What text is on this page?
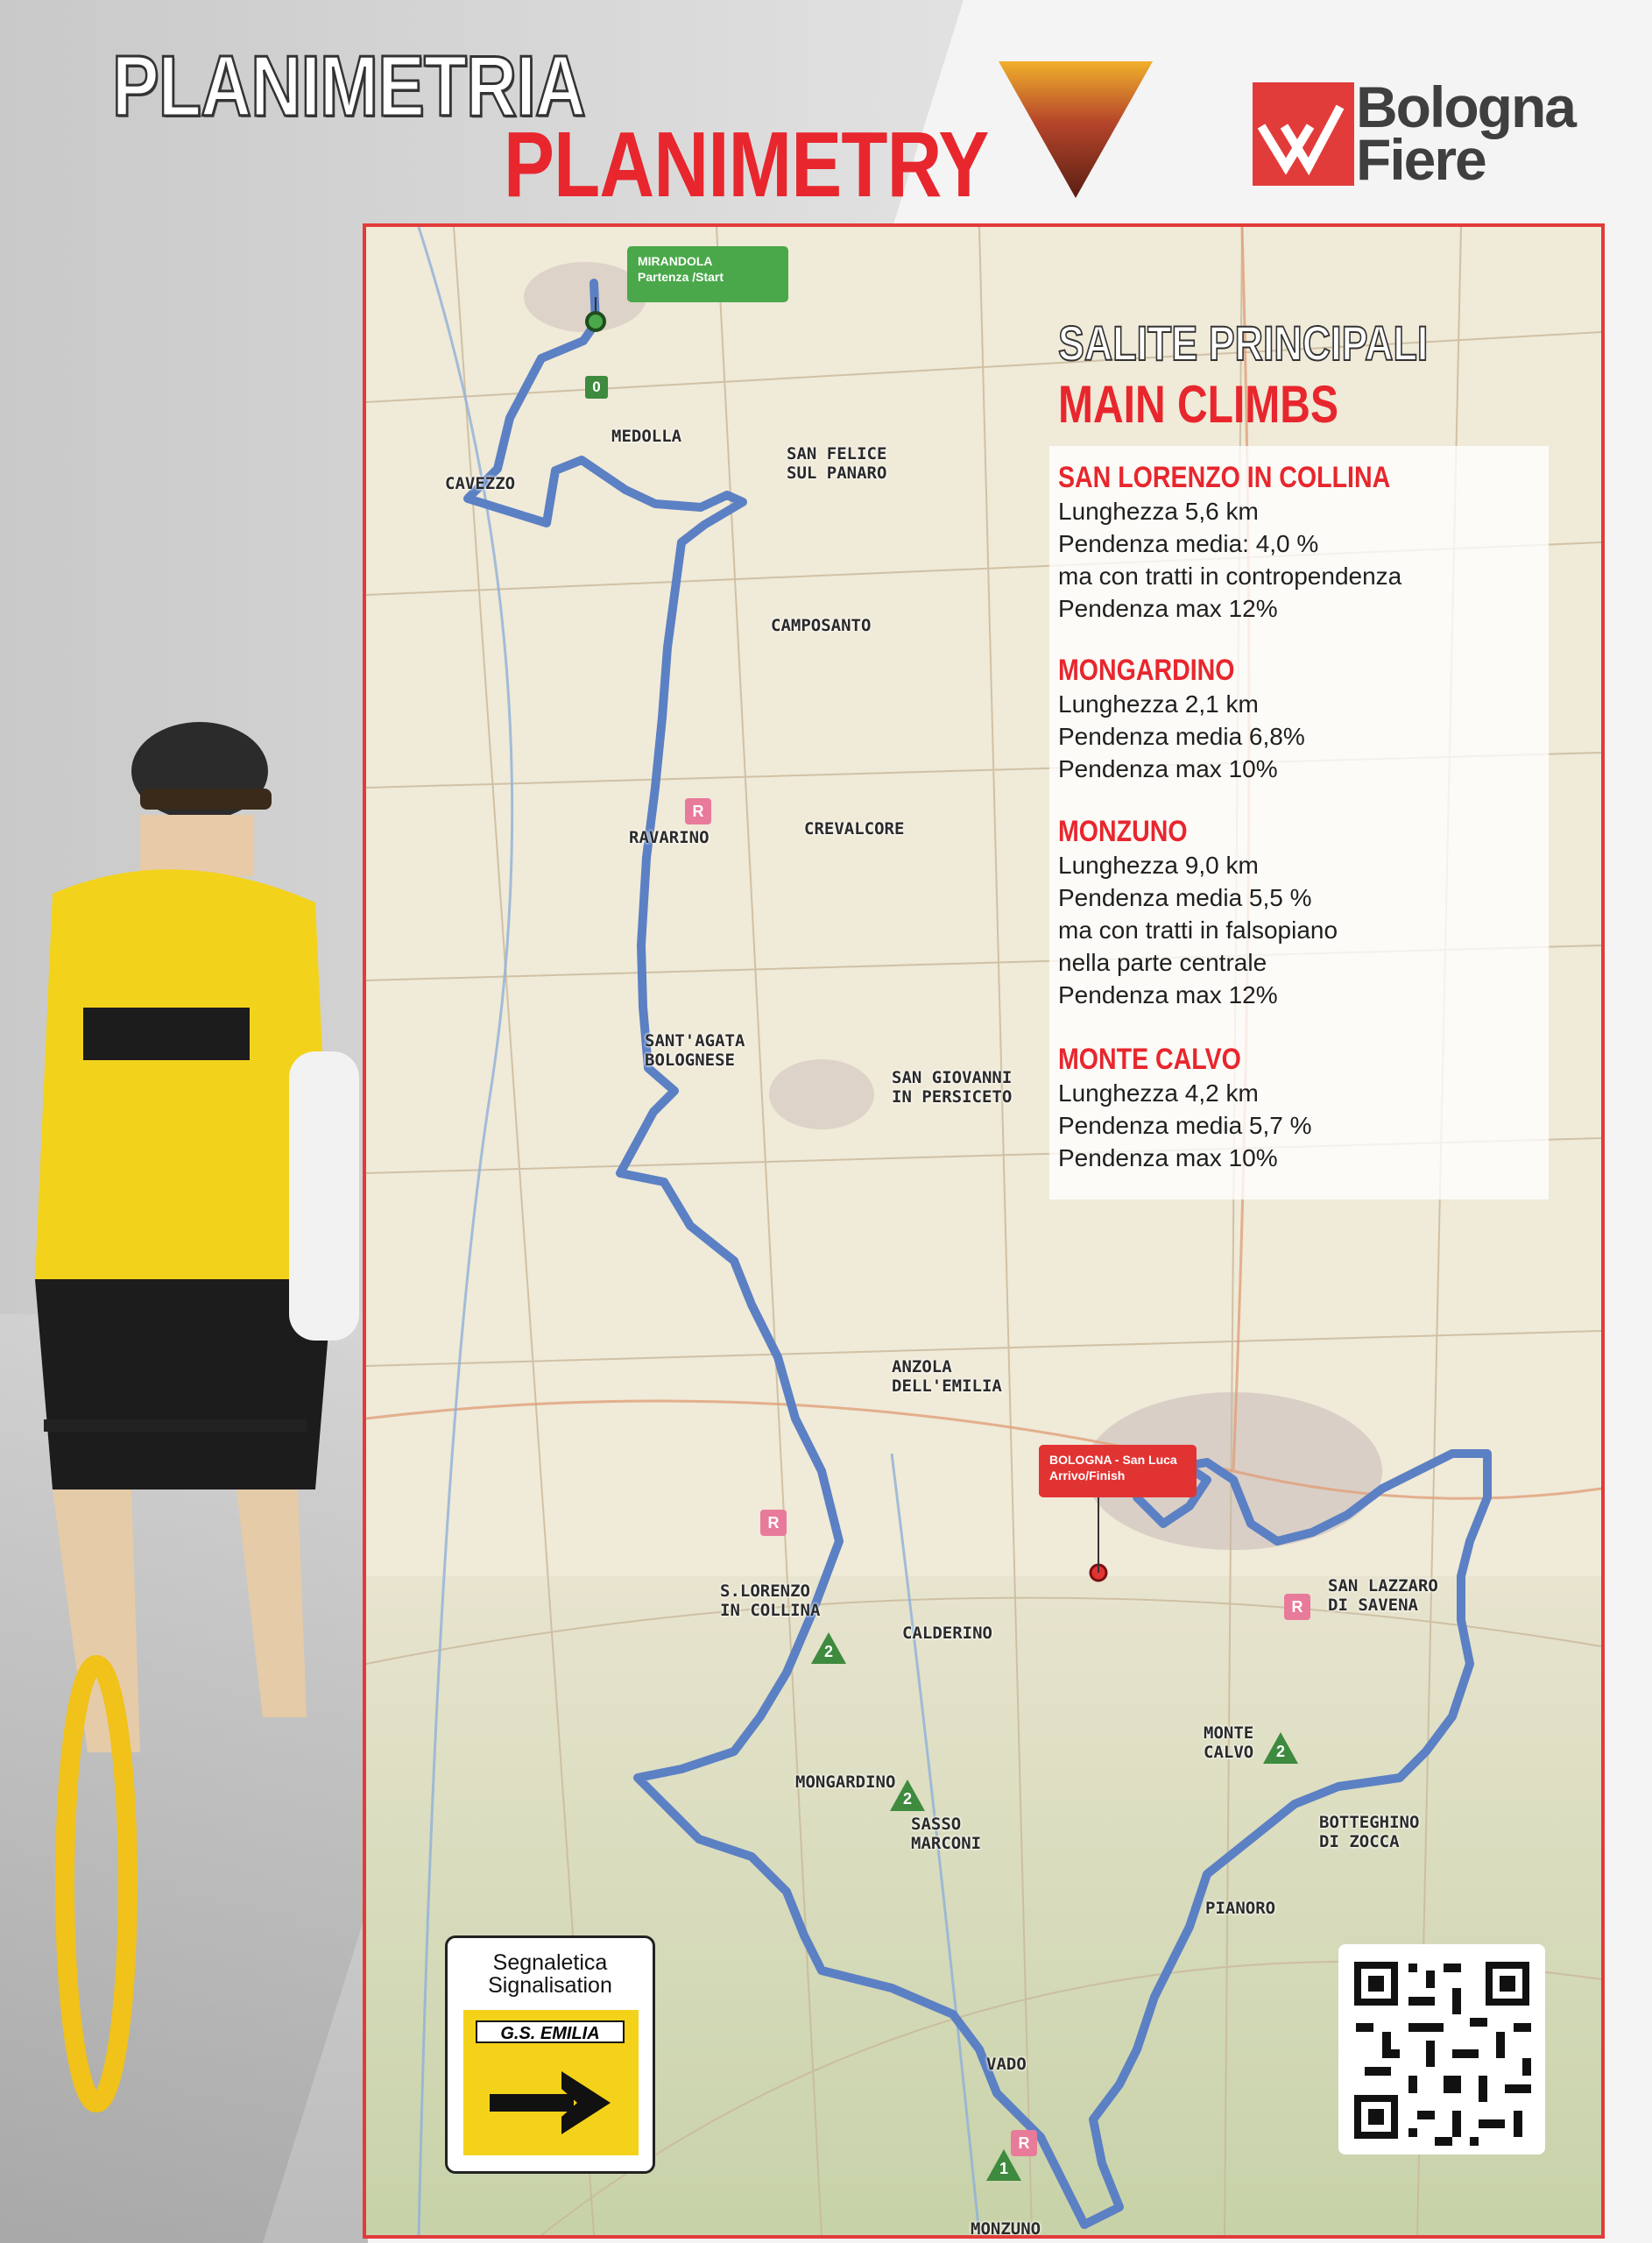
PLANIMETRIA
PLANIMETRY
Bologna
Fiere
MIRANDOLA
Partenza /Start
BOLOGNA - San Luca
Arrivo/Finish
0
MEDOLLA
CAVEZZO
SAN FELICE
SUL PANARO
CAMPOSANTO
RAVARINO	CREVALCORE
SANT'AGATA
BOLOGNESE
SAN GIOVANNI
IN PERSICETO
ANZOLA
DELL'EMILIA
S.LORENZO
IN COLLINA
CALDERINO
MONGARDINO
SASSO
MARCONI
VADO
MONZUNO
PIANORO
BOTTEGHINO
DI ZOCCA
MONTE
CALVO
SAN LAZZARO
DI SAVENA
R
R
R
R
2
2
2
1
SALITE PRINCIPALI
MAIN CLIMBS
SAN LORENZO IN COLLINA
Lunghezza 5,6 km
Pendenza media: 4,0 %
ma con tratti in contropendenza
Pendenza max 12%
MONGARDINO
Lunghezza 2,1 km
Pendenza media 6,8%
Pendenza max 10%
MONZUNO
Lunghezza 9,0 km
Pendenza media 5,5 %
ma con tratti in falsopiano
nella parte centrale
Pendenza max 12%
MONTE CALVO
Lunghezza 4,2 km
Pendenza media 5,7 %
Pendenza max 10%
Segnaletica
Signalisation
G.S. EMILIA
